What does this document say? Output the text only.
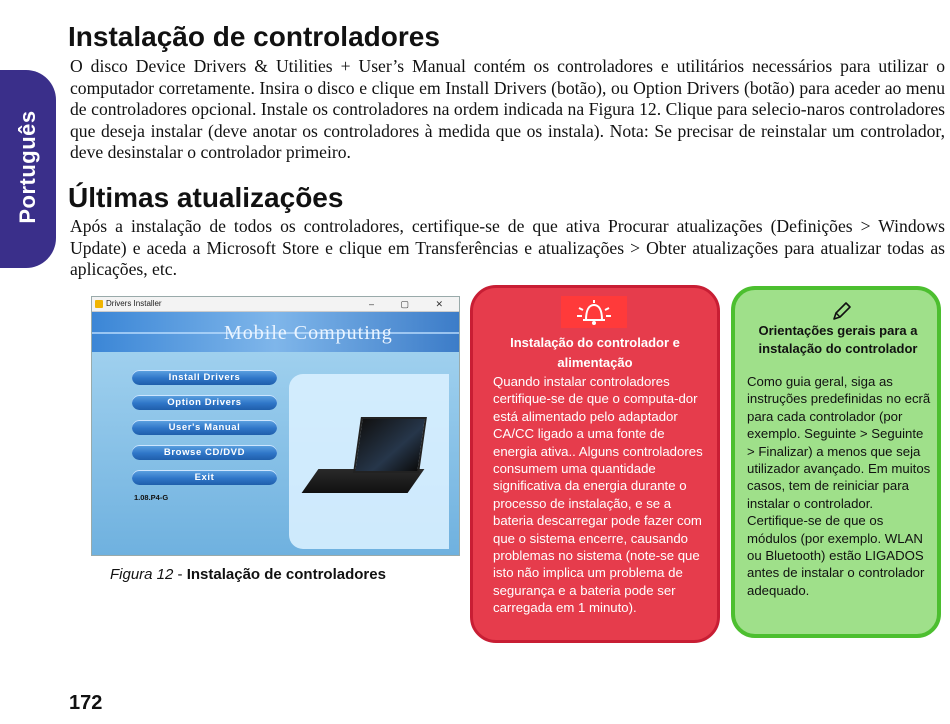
Português
Instalação de controladores
O disco Device Drivers & Utilities + User’s Manual contém os controladores e utilitários necessários para utilizar o computador corretamente. Insira o disco e clique em Install Drivers (botão), ou Option Drivers (botão) para aceder ao menu de controladores opcional. Instale os controladores na ordem indicada na Figura 12. Clique para selecio-naros controladores que deseja instalar (deve anotar os controladores à medida que os instala). Nota: Se precisar de reinstalar um controlador, deve desinstalar o controlador primeiro.
Últimas atualizações
Após a instalação de todos os controladores, certifique-se de que ativa Procurar atualizações (Definições > Windows Update) e aceda a Microsoft Store e clique em Transferências e atualizações > Obter atualizações para atualizar todas as aplicações, etc.
Drivers Installer	– ▢ ✕
Mobile Computing
Install Drivers
Option Drivers
User's Manual
Browse CD/DVD
Exit
1.08.P4-G
Figura 12 - Instalação de controladores
Instalação do controlador e alimentação
Quando instalar controladores certifique-se de que o computa-dor está alimentado pelo adaptador CA/CC ligado a uma fonte de energia ativa.. Alguns controladores consumem uma quantidade significativa da energia durante o processo de instalação, e se a bateria descarregar pode fazer com que o sistema encerre, causando problemas no sistema (note-se que isto não implica um problema de segurança e a bateria pode ser carregada em 1 minuto).
Orientações gerais para a instalação do controlador
Como guia geral, siga as instruções predefinidas no ecrã para cada controlador (por exemplo. Seguinte > Seguinte > Finalizar) a menos que seja utilizador avançado. Em muitos casos, tem de reiniciar para instalar o controlador. Certifique-se de que os módulos (por exemplo. WLAN ou Bluetooth) estão LIGADOS antes de instalar o controlador adequado.
172
